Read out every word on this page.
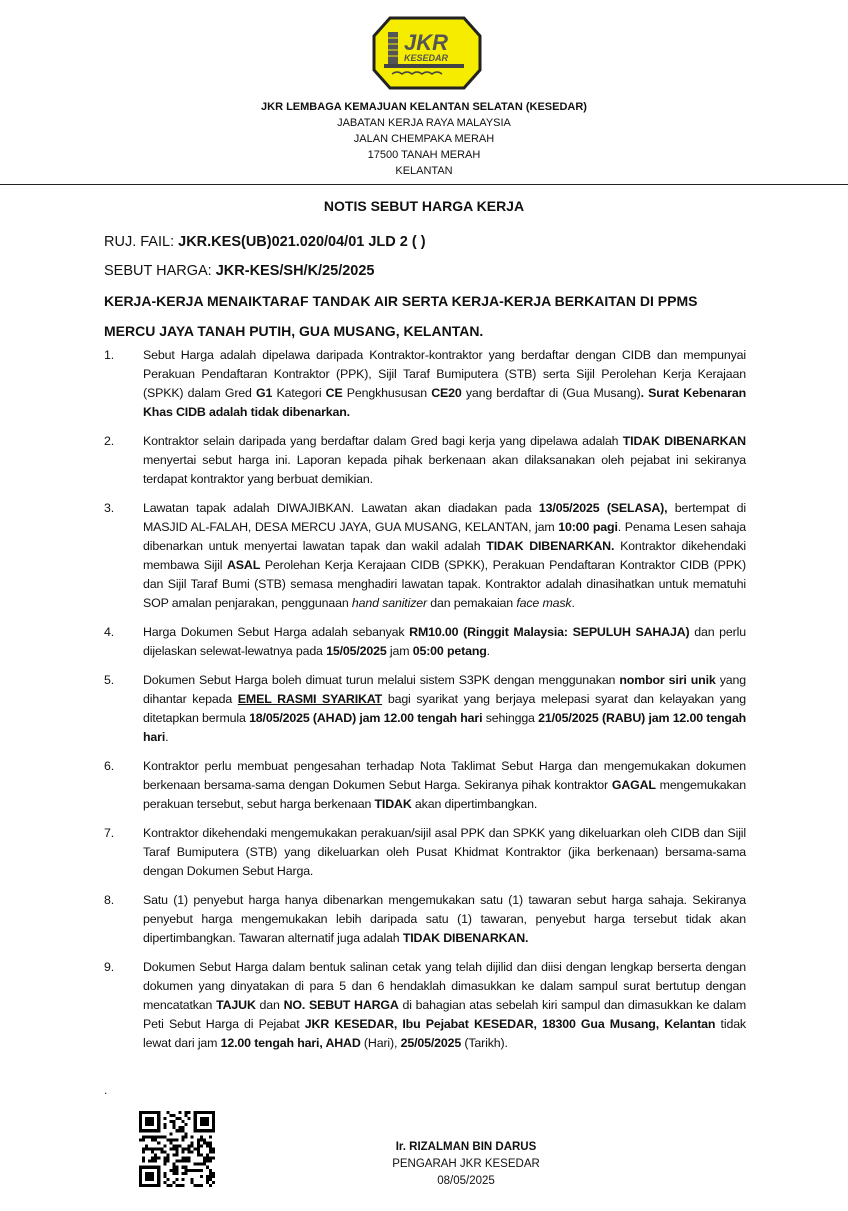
JKR
KESEDAR
JKR LEMBAGA KEMAJUAN KELANTAN SELATAN (KESEDAR)
JABATAN KERJA RAYA MALAYSIA
JALAN CHEMPAKA MERAH
17500 TANAH MERAH
KELANTAN
NOTIS SEBUT HARGA KERJA
RUJ. FAIL: JKR.KES(UB)021.020/04/01 JLD 2 ( )
SEBUT HARGA: JKR-KES/SH/K/25/2025
KERJA-KERJA MENAIKTARAF TANDAK AIR SERTA KERJA-KERJA BERKAITAN DI PPMS
MERCU JAYA TANAH PUTIH, GUA MUSANG, KELANTAN.
1. Sebut Harga adalah dipelawa daripada Kontraktor-kontraktor yang berdaftar dengan CIDB dan mempunyai Perakuan Pendaftaran Kontraktor (PPK), Sijil Taraf Bumiputera (STB) serta Sijil Perolehan Kerja Kerajaan (SPKK) dalam Gred G1 Kategori CE Pengkhususan CE20 yang berdaftar di (Gua Musang). Surat Kebenaran Khas CIDB adalah tidak dibenarkan.
2. Kontraktor selain daripada yang berdaftar dalam Gred bagi kerja yang dipelawa adalah TIDAK DIBENARKAN menyertai sebut harga ini. Laporan kepada pihak berkenaan akan dilaksanakan oleh pejabat ini sekiranya terdapat kontraktor yang berbuat demikian.
3. Lawatan tapak adalah DIWAJIBKAN. Lawatan akan diadakan pada 13/05/2025 (SELASA), bertempat di MASJID AL-FALAH, DESA MERCU JAYA, GUA MUSANG, KELANTAN, jam 10:00 pagi. Penama Lesen sahaja dibenarkan untuk menyertai lawatan tapak dan wakil adalah TIDAK DIBENARKAN. Kontraktor dikehendaki membawa Sijil ASAL Perolehan Kerja Kerajaan CIDB (SPKK), Perakuan Pendaftaran Kontraktor CIDB (PPK) dan Sijil Taraf Bumi (STB) semasa menghadiri lawatan tapak. Kontraktor adalah dinasihatkan untuk mematuhi SOP amalan penjarakan, penggunaan hand sanitizer dan pemakaian face mask.
4. Harga Dokumen Sebut Harga adalah sebanyak RM10.00 (Ringgit Malaysia: SEPULUH SAHAJA) dan perlu dijelaskan selewat-lewatnya pada 15/05/2025 jam 05:00 petang.
5. Dokumen Sebut Harga boleh dimuat turun melalui sistem S3PK dengan menggunakan nombor siri unik yang dihantar kepada EMEL RASMI SYARIKAT bagi syarikat yang berjaya melepasi syarat dan kelayakan yang ditetapkan bermula 18/05/2025 (AHAD) jam 12.00 tengah hari sehingga 21/05/2025 (RABU) jam 12.00 tengah hari.
6. Kontraktor perlu membuat pengesahan terhadap Nota Taklimat Sebut Harga dan mengemukakan dokumen berkenaan bersama-sama dengan Dokumen Sebut Harga. Sekiranya pihak kontraktor GAGAL mengemukakan perakuan tersebut, sebut harga berkenaan TIDAK akan dipertimbangkan.
7. Kontraktor dikehendaki mengemukakan perakuan/sijil asal PPK dan SPKK yang dikeluarkan oleh CIDB dan Sijil Taraf Bumiputera (STB) yang dikeluarkan oleh Pusat Khidmat Kontraktor (jika berkenaan) bersama-sama dengan Dokumen Sebut Harga.
8. Satu (1) penyebut harga hanya dibenarkan mengemukakan satu (1) tawaran sebut harga sahaja. Sekiranya penyebut harga mengemukakan lebih daripada satu (1) tawaran, penyebut harga tersebut tidak akan dipertimbangkan. Tawaran alternatif juga adalah TIDAK DIBENARKAN.
9. Dokumen Sebut Harga dalam bentuk salinan cetak yang telah dijilid dan diisi dengan lengkap berserta dengan dokumen yang dinyatakan di para 5 dan 6 hendaklah dimasukkan ke dalam sampul surat bertutup dengan mencatatkan TAJUK dan NO. SEBUT HARGA di bahagian atas sebelah kiri sampul dan dimasukkan ke dalam Peti Sebut Harga di Pejabat JKR KESEDAR, Ibu Pejabat KESEDAR, 18300 Gua Musang, Kelantan tidak lewat dari jam 12.00 tengah hari, AHAD (Hari), 25/05/2025 (Tarikh).
.
Ir. RIZALMAN BIN DARUS
PENGARAH JKR KESEDAR
08/05/2025
